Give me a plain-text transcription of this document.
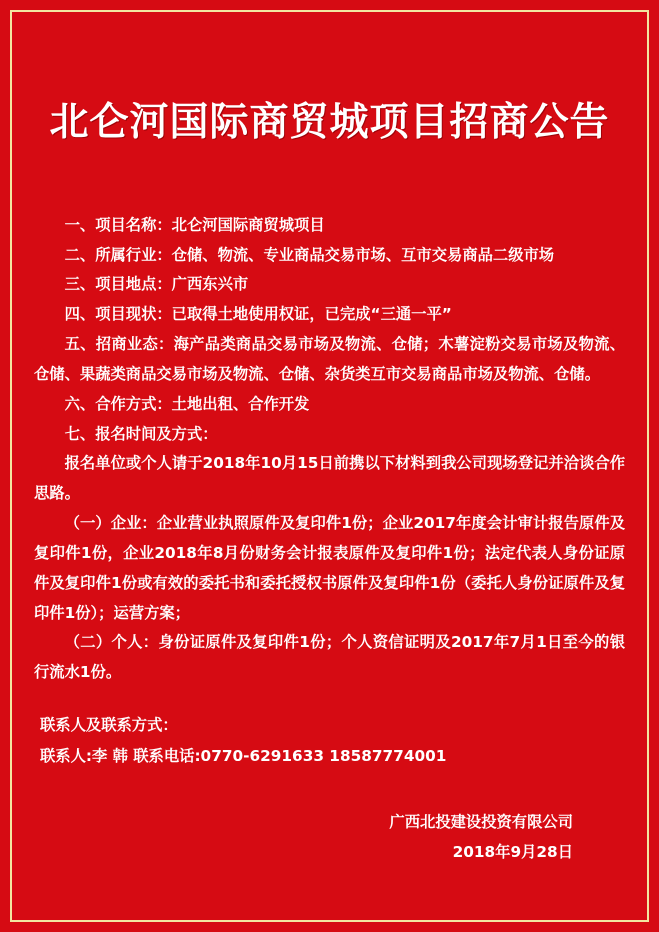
北仑河国际商贸城项目招商公告

一、项目名称：北仑河国际商贸城项目

二、所属行业：仓储、物流、专业商品交易市场、互市交易商品二级市场

三、项目地点：广西东兴市

四、项目现状：已取得土地使用权证，已完成“三通一平”

五、招商业态：海产品类商品交易市场及物流、仓储；木薯淀粉交易市场及物流、仓储、果蔬类商品交易市场及物流、仓储、杂货类互市交易商品市场及物流、仓储。

六、合作方式：土地出租、合作开发

七、报名时间及方式：

报名单位或个人请于2018年10月15日前携以下材料到我公司现场登记并洽谈合作思路。

（一）企业：企业营业执照原件及复印件1份；企业2017年度会计审计报告原件及复印件1份，企业2018年8月份财务会计报表原件及复印件1份；法定代表人身份证原件及复印件1份或有效的委托书和委托授权书原件及复印件1份（委托人身份证原件及复印件1份）；运营方案；

（二）个人：身份证原件及复印件1份；个人资信证明及2017年7月1日至今的银行流水1份。

联系人及联系方式：

联系人:李 韩 联系电话:0770-6291633 18587774001

广西北投建设投资有限公司

2018年9月28日
